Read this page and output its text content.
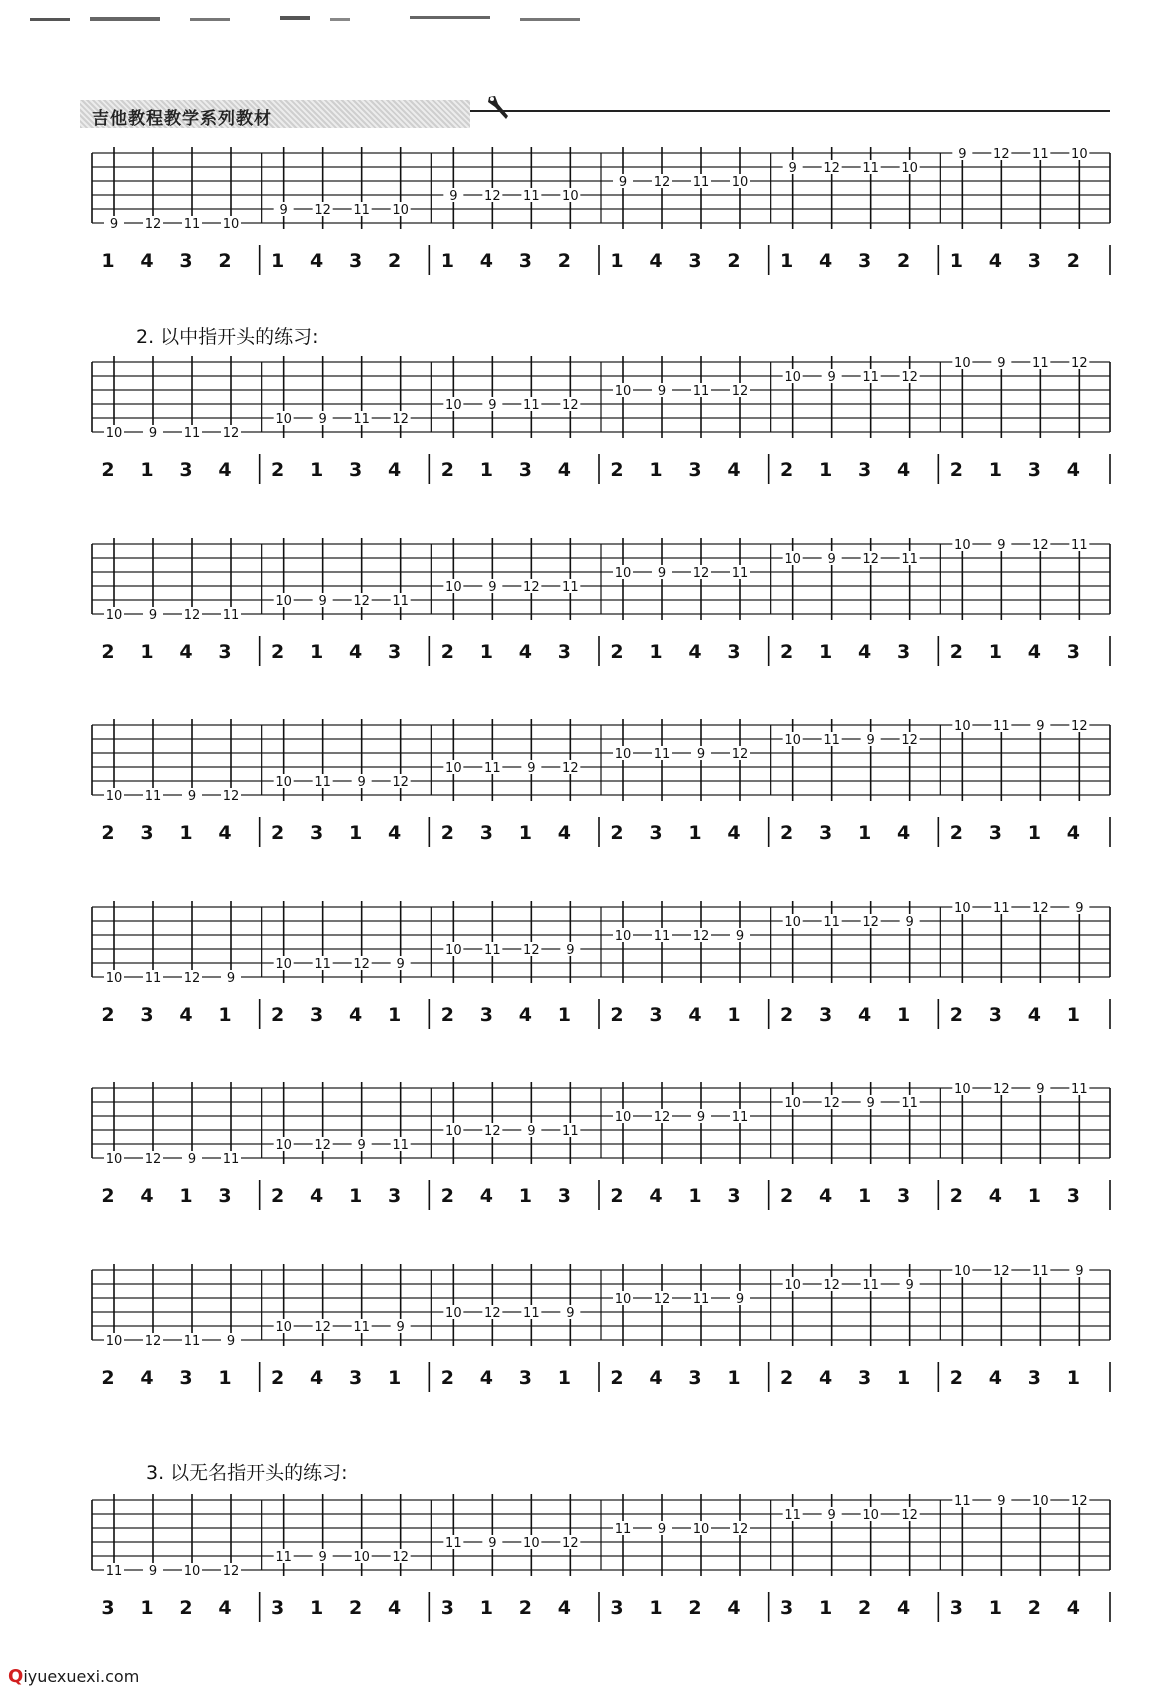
吉他教程教学系列教材
2. 以中指开头的练习:
3. 以无名指开头的练习:
9 12 11 10
9 12 11 10
9 12 11 10
9 12 11 10
9 12 11 10
9 12 11 10
1 4 3 2 1 4 3 2 1 4 3 2 1 4 3 2 1 4 3 2 1 4 3 2
10 9 11 12
10 9 11 12
10 9 11 12
10 9 11 12
10 9 11 12
10 9 11 12
2 1 3 4 2 1 3 4 2 1 3 4 2 1 3 4 2 1 3 4 2 1 3 4
10 9 12 11
10 9 12 11
10 9 12 11
10 9 12 11
10 9 12 11
10 9 12 11
2 1 4 3 2 1 4 3 2 1 4 3 2 1 4 3 2 1 4 3 2 1 4 3
10 11 9 12
10 11 9 12
10 11 9 12
10 11 9 12
10 11 9 12
10 11 9 12
2 3 1 4 2 3 1 4 2 3 1 4 2 3 1 4 2 3 1 4 2 3 1 4
10 11 12 9
10 11 12 9
10 11 12 9
10 11 12 9
10 11 12 9
10 11 12 9
2 3 4 1 2 3 4 1 2 3 4 1 2 3 4 1 2 3 4 1 2 3 4 1
10 12 9 11
10 12 9 11
10 12 9 11
10 12 9 11
10 12 9 11
10 12 9 11
2 4 1 3 2 4 1 3 2 4 1 3 2 4 1 3 2 4 1 3 2 4 1 3
10 12 11 9
10 12 11 9
10 12 11 9
10 12 11 9
10 12 11 9
10 12 11 9
2 4 3 1 2 4 3 1 2 4 3 1 2 4 3 1 2 4 3 1 2 4 3 1
11 9 10 12
11 9 10 12
11 9 10 12
11 9 10 12
11 9 10 12
11 9 10 12
3 1 2 4 3 1 2 4 3 1 2 4 3 1 2 4 3 1 2 4 3 1 2 4
Qiyuexuexi.com
